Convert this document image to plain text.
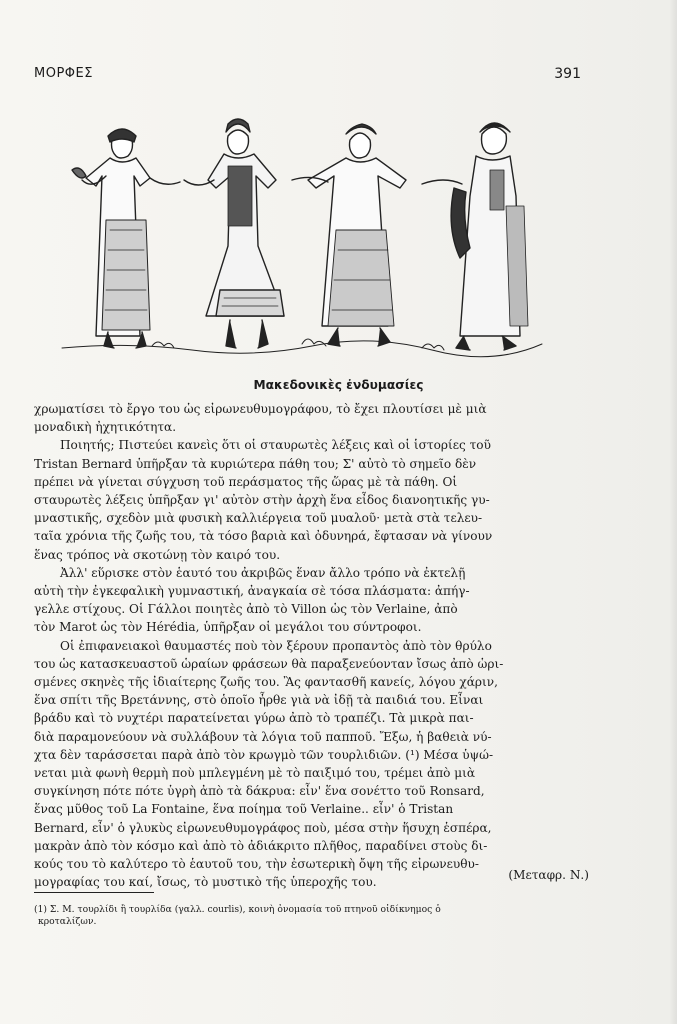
ΜΟΡΦΕΣ	391
Μακεδονικὲς ἐνδυμασίες
χρωματίσει τὸ ἔργο του ὡς εἰρωνευθυμογράφου, τὸ ἔχει πλουτίσει μὲ μιὰ
μοναδικὴ ἠχητικότητα.
Ποιητής; Πιστεύει κανεὶς ὅτι οἱ σταυρωτὲς λέξεις καὶ οἱ ἱστορίες τοῦ
Tristan Bernard ὑπῆρξαν τὰ κυριώτερα πάθη του; Σ' αὐτὸ τὸ σημεῖο δὲν
πρέπει νὰ γίνεται σύγχυση τοῦ περάσματος τῆς ὥρας μὲ τὰ πάθη. Οἱ
σταυρωτὲς λέξεις ὑπῆρξαν γι' αὐτὸν στὴν ἀρχὴ ἕνα εἶδος διανοητικῆς γυ-
μναστικῆς, σχεδὸν μιὰ φυσικὴ καλλιέργεια τοῦ μυαλοῦ· μετὰ στὰ τελευ-
ταῖα χρόνια τῆς ζωῆς του, τὰ τόσο βαριὰ καὶ ὀδυνηρά, ἔφτασαν νὰ γίνουν
ἕνας τρόπος νὰ σκοτώνῃ τὸν καιρό του.
Ἀλλ' εὕρισκε στὸν ἑαυτό του ἀκριβῶς ἕναν ἄλλο τρόπο νὰ ἐκτελῇ
αὐτὴ τὴν ἐγκεφαλικὴ γυμναστική, ἀναγκαία σὲ τόσα πλάσματα: ἀπήγ-
γελλε στίχους. Οἱ Γάλλοι ποιητὲς ἀπὸ τὸ Villon ὡς τὸν Verlaine, ἀπὸ
τὸν Marot ὡς τὸν Hérédia, ὑπῆρξαν οἱ μεγάλοι του σύντροφοι.
Οἱ ἐπιφανειακοὶ θαυμαστές ποὺ τὸν ξέρουν προπαντὸς ἀπὸ τὸν θρύλο
του ὡς κατασκευαστοῦ ὡραίων φράσεων θὰ παραξενεύονταν ἴσως ἀπὸ ὡρι-
σμένες σκηνὲς τῆς ἰδιαίτερης ζωῆς του. Ἂς φαντασθῆ κανείς, λόγου χάριν,
ἕνα σπίτι τῆς Βρετάννης, στὸ ὁποῖο ἦρθε γιὰ νὰ ἰδῇ τὰ παιδιά του. Εἶναι
βράδυ καὶ τὸ νυχτέρι παρατείνεται γύρω ἀπὸ τὸ τραπέζι. Τὰ μικρὰ παι-
διὰ παραμονεύουν νὰ συλλάβουν τὰ λόγια τοῦ παπποῦ. Ἔξω, ἡ βαθειὰ νύ-
χτα δὲν ταράσσεται παρὰ ἀπὸ τὸν κρωγμὸ τῶν τουρλιδιῶν. (¹) Μέσα ὑψώ-
νεται μιὰ φωνὴ θερμὴ ποὺ μπλεγμένη μὲ τὸ παιξιμό του, τρέμει ἀπὸ μιὰ
συγκίνηση πότε πότε ὑγρὴ ἀπὸ τὰ δάκρυα: εἶν' ἕνα σονέττο τοῦ Ronsard,
ἕνας μῦθος τοῦ La Fontaine, ἕνα ποίημα τοῦ Verlaine.. εἶν' ὁ Tristan
Bernard, εἶν' ὁ γλυκὺς εἰρωνευθυμογράφος ποὺ, μέσα στὴν ἥσυχη ἑσπέρα,
μακρὰν ἀπὸ τὸν κόσμο καὶ ἀπὸ τὸ ἀδιάκριτο πλῆθος, παραδίνει στοὺς δι-
κούς του τὸ καλύτερο τὸ ἑαυτοῦ του, τὴν ἐσωτερικὴ ὄψη τῆς εἰρωνευθυ-
μογραφίας του καί, ἴσως, τὸ μυστικὸ τῆς ὑπεροχῆς του.
(Μεταφρ. Ν.)
(1) Σ. Μ. τουρλίδι ἢ τουρλίδα (γαλλ. courlis), κοινὴ ὀνομασία τοῦ πτηνοῦ οἰδίκνημος ὁ
κροταλίζων.
